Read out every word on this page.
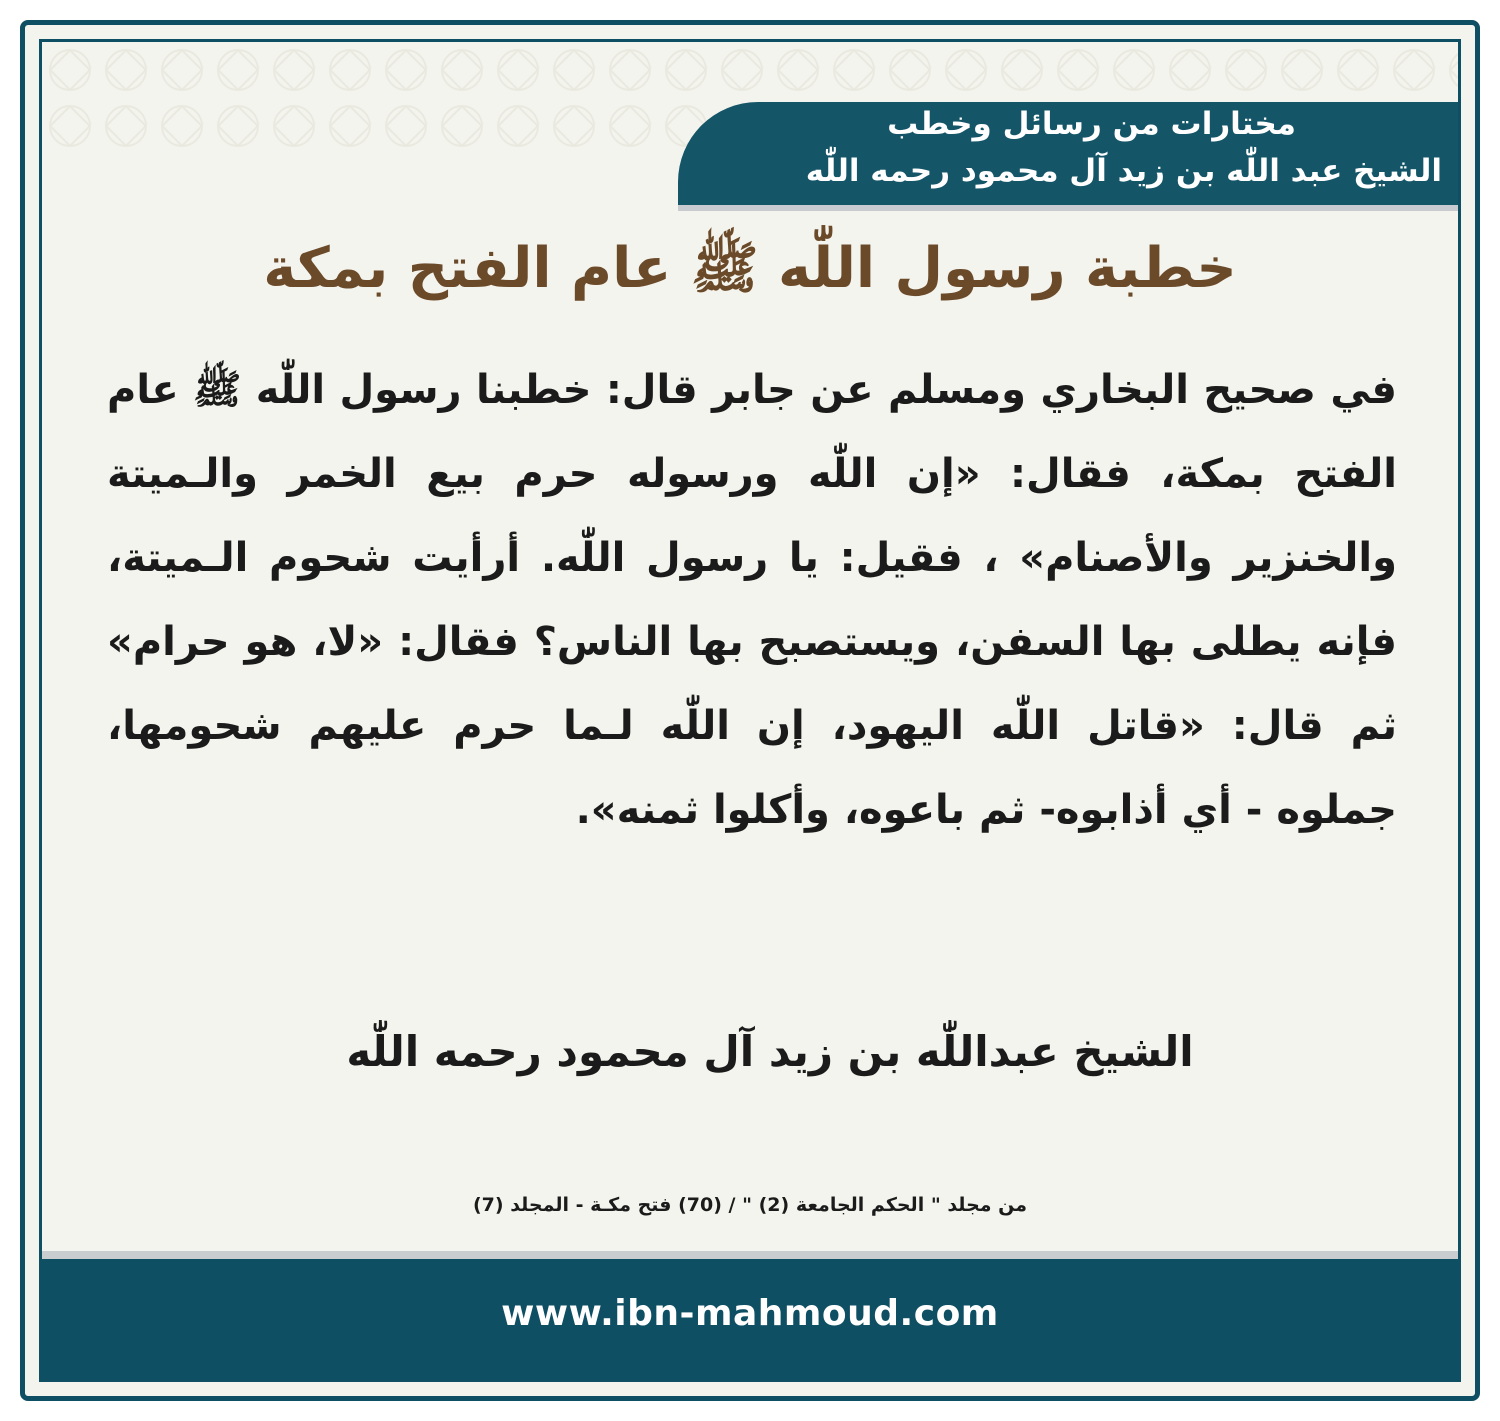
مختارات من رسائل وخطب
الشيخ عبد اللّٰه بن زيد آل محمود رحمه اللّٰه
خطبة رسول اللّٰه ﷺ عام الفتح بمكة
في صحيح البخاري ومسلم عن جابر قال: خطبنا رسول اللّٰه ﷺ عام الفتح بمكة، فقال: «إن اللّٰه ورسوله حرم بيع الخمر والـميتة والخنزير والأصنام» ، فقيل: يا رسول اللّٰه. أرأيت شحوم الـميتة، فإنه يطلى بها السفن، ويستصبح بها الناس؟ فقال: «لا، هو حرام» ثم قال: «قاتل اللّٰه اليهود، إن اللّٰه لـما حرم عليهم شحومها، جملوه - أي أذابوه- ثم باعوه، وأكلوا ثمنه».
الشيخ عبداللّٰه بن زيد آل محمود رحمه اللّٰه
من مجلد " الحكم الجامعة (2) " / (70) فتح مكـة - المجلد (7)
www.ibn-mahmoud.com
